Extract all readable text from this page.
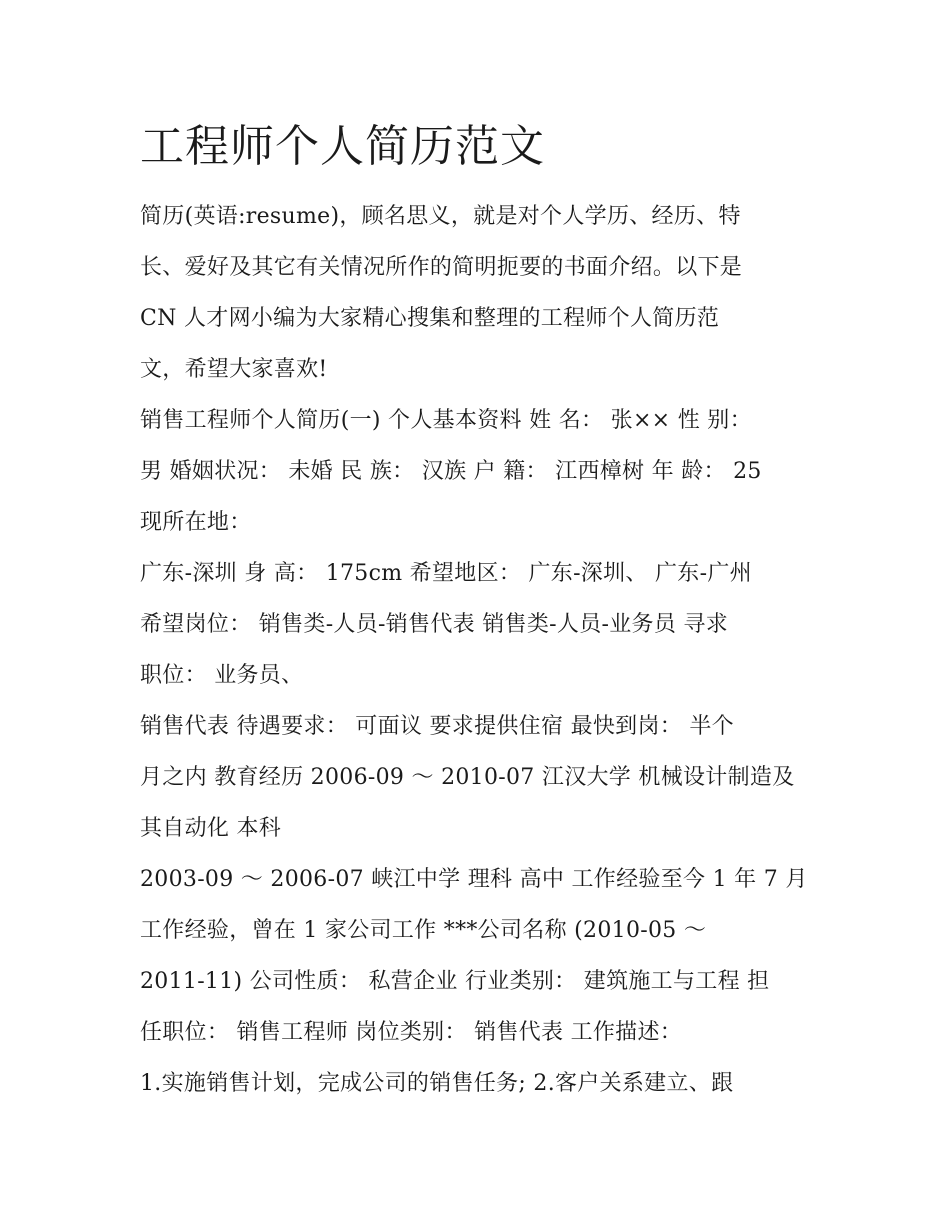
工程师个人简历范文
简历(英语:resume)，顾名思义，就是对个人学历、经历、特
长、爱好及其它有关情况所作的简明扼要的书面介绍。以下是
CN 人才网小编为大家精心搜集和整理的工程师个人简历范
文，希望大家喜欢!
销售工程师个人简历(一) 个人基本资料 姓 名： 张×× 性 别：
男 婚姻状况： 未婚 民 族： 汉族 户 籍： 江西樟树 年 龄： 25
现所在地：
广东-深圳 身 高： 175cm 希望地区： 广东-深圳、 广东-广州
希望岗位： 销售类-人员-销售代表 销售类-人员-业务员 寻求
职位： 业务员、
销售代表 待遇要求： 可面议 要求提供住宿 最快到岗： 半个
月之内 教育经历 2006-09 ～ 2010-07 江汉大学 机械设计制造及
其自动化 本科
2003-09 ～ 2006-07 峡江中学 理科 高中 工作经验至今 1 年 7 月
工作经验，曾在 1 家公司工作 ***公司名称 (2010-05 ～
2011-11) 公司性质： 私营企业 行业类别： 建筑施工与工程 担
任职位： 销售工程师 岗位类别： 销售代表 工作描述：
1.实施销售计划，完成公司的销售任务; 2.客户关系建立、跟
